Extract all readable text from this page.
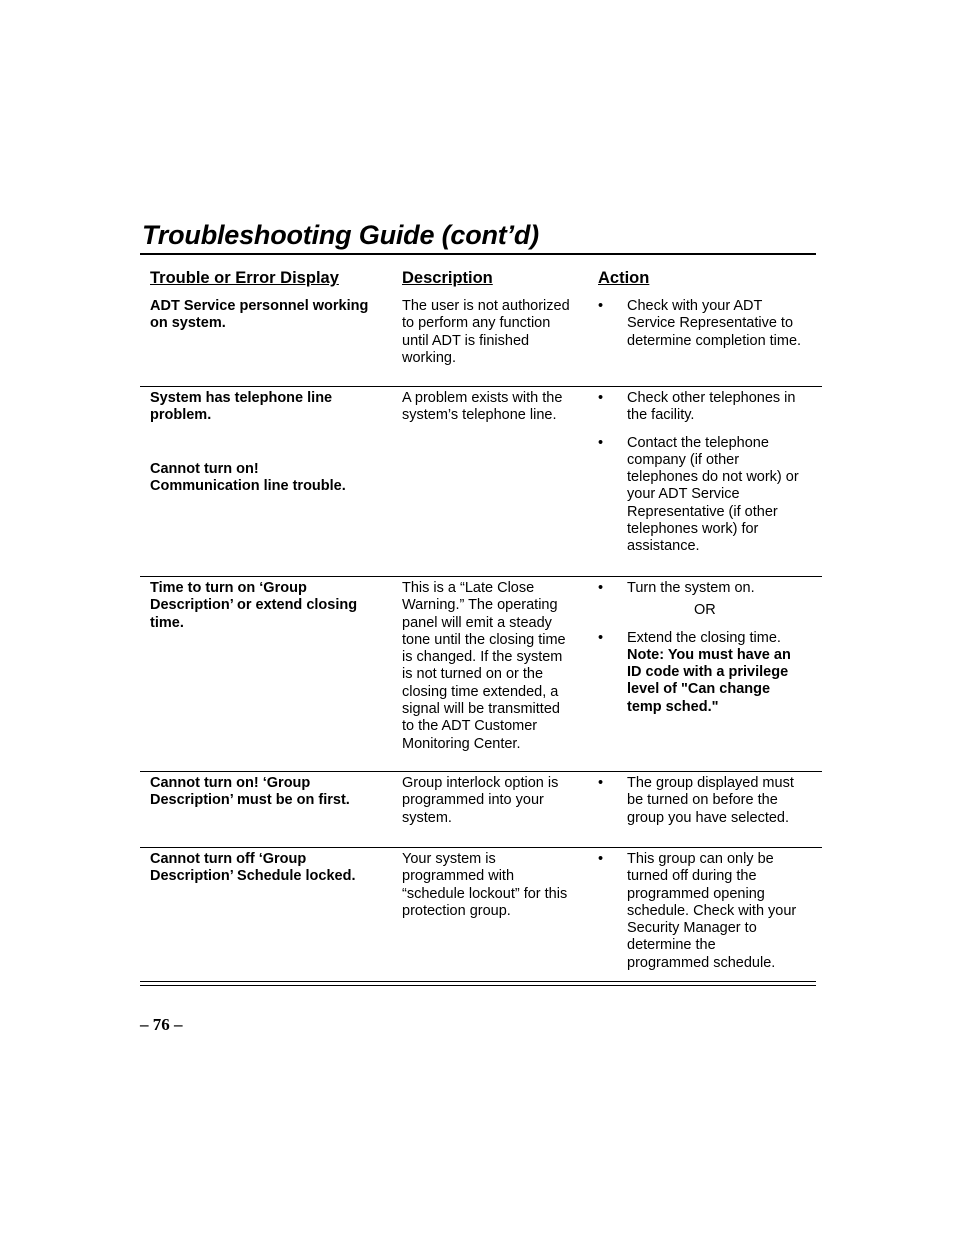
Troubleshooting Guide (cont’d)
Trouble or Error Display	Description	Action
ADT Service personnel working
on system.
The user is not authorized
to perform any function
until ADT is finished
working.
• Check with your ADT
Service Representative to
determine completion time.
System has telephone line
problem.
Cannot turn on!
Communication line trouble.
A problem exists with the
system’s telephone line.
• Check other telephones in
the facility.
• Contact the telephone
company (if other
telephones do not work) or
your ADT Service
Representative (if other
telephones work) for
assistance.
Time to turn on ‘Group
Description’ or extend closing
time.
This is a “Late Close
Warning.” The operating
panel will emit a steady
tone until the closing time
is changed. If the system
is not turned on or the
closing time extended, a
signal will be transmitted
to the ADT Customer
Monitoring Center.
• Turn the system on.
OR
• Extend the closing time.

Note: You must have an
ID code with a privilege
level of "Can change
temp sched."

Cannot turn on! ‘Group
Description’ must be on first.
Group interlock option is
programmed into your
system.
• The group displayed must
be turned on before the
group you have selected.
Cannot turn off ‘Group
Description’ Schedule locked.
Your system is
programmed with
“schedule lockout” for this
protection group.
• This group can only be
turned off during the
programmed opening
schedule. Check with your
Security Manager to
determine the
programmed schedule.
– 76 –
